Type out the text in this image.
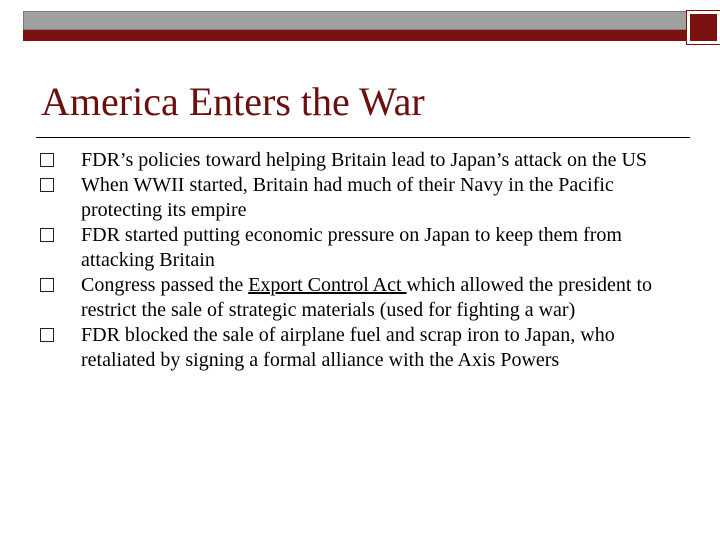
America Enters the War
FDR’s policies toward helping Britain lead to Japan’s attack on the US
When WWII started, Britain had much of their Navy in the Pacific protecting its empire
FDR started putting economic pressure on Japan to keep them from attacking Britain
Congress passed the Export Control Act which allowed the president to restrict the sale of strategic materials (used for fighting a war)
FDR blocked the sale of airplane fuel and scrap iron to Japan, who retaliated by signing a formal alliance with the Axis Powers
